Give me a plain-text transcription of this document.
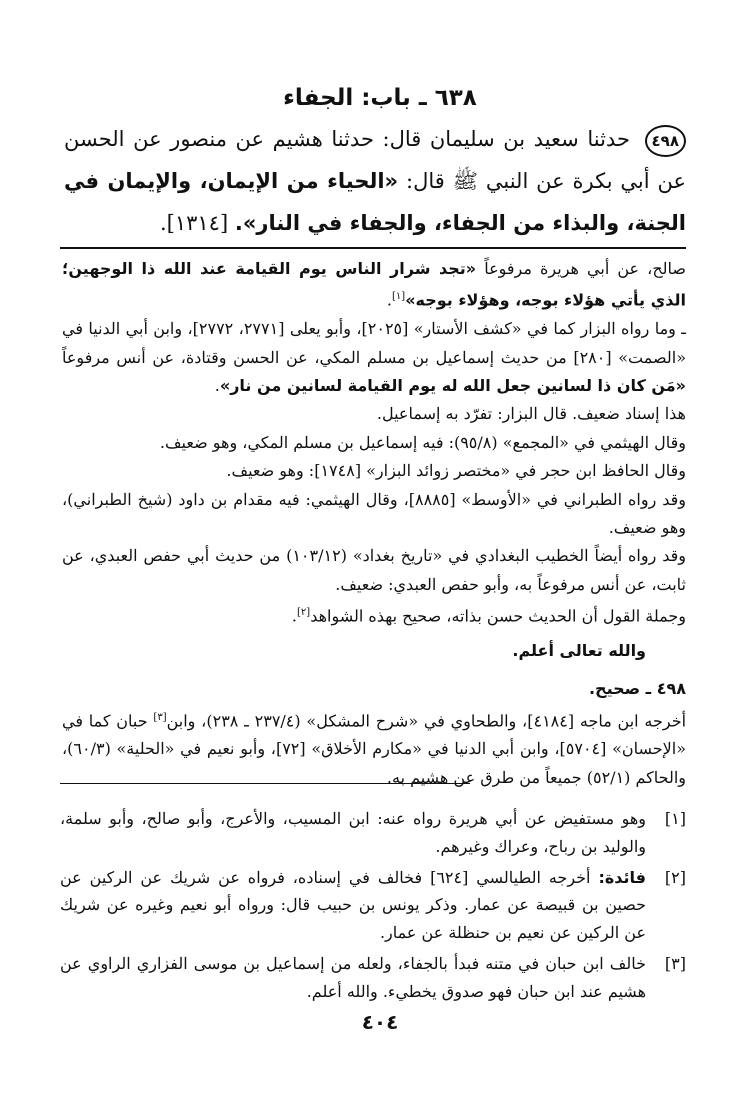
٦٣٨ ـ باب: الجفاء
٤٩٨ حدثنا سعيد بن سليمان قال: حدثنا هشيم عن منصور عن الحسن عن أبي بكرة عن النبي ﷺ قال: «الحياء من الإيمان، والإيمان في الجنة، والبذاء من الجفاء، والجفاء في النار». [١٣١٤].

صالح، عن أبي هريرة مرفوعاً «تجد شرار الناس يوم القيامة عند الله ذا الوجهين؛ الذي يأتي هؤلاء بوجه، وهؤلاء بوجه»[١].

ـ وما رواه البزار كما في «كشف الأستار» [٢٠٢٥]، وأبو يعلى [٢٧٧١، ٢٧٧٢]، وابن أبي الدنيا في «الصمت» [٢٨٠] من حديث إسماعيل بن مسلم المكي، عن الحسن وقتادة، عن أنس مرفوعاً «مَن كان ذا لسانين جعل الله له يوم القيامة لسانين من نار».

هذا إسناد ضعيف. قال البزار: تفرّد به إسماعيل.

وقال الهيثمي في «المجمع» (٩٥/٨): فيه إسماعيل بن مسلم المكي، وهو ضعيف.

وقال الحافظ ابن حجر في «مختصر زوائد البزار» [١٧٤٨]: وهو ضعيف.

وقد رواه الطبراني في «الأوسط» [٨٨٨٥]، وقال الهيثمي: فيه مقدام بن داود (شيخ الطبراني)، وهو ضعيف.

وقد رواه أيضاً الخطيب البغدادي في «تاريخ بغداد» (١٠٣/١٢) من حديث أبي حفص العبدي، عن ثابت، عن أنس مرفوعاً به، وأبو حفص العبدي: ضعيف.

وجملة القول أن الحديث حسن بذاته، صحيح بهذه الشواهد[٢].

والله تعالى أعلم.

٤٩٨ ـ صحيح.

أخرجه ابن ماجه [٤١٨٤]، والطحاوي في «شرح المشكل» (٢٣٧/٤ ـ ٢٣٨)، وابن[٣] حبان كما في «الإحسان» [٥٧٠٤]، وابن أبي الدنيا في «مكارم الأخلاق» [٧٢]، وأبو نعيم في «الحلية» (٦٠/٣)، والحاكم (٥٢/١) جميعاً من طرق عن هشيم به.

[١]
وهو مستفيض عن أبي هريرة رواه عنه: ابن المسيب، والأعرج، وأبو صالح، وأبو سلمة، والوليد بن رباح، وعراك وغيرهم.
[٢]
فائدة: أخرجه الطيالسي [٦٢٤] فخالف في إسناده، فرواه عن شريك عن الركين عن حصين بن قبيصة عن عمار. وذكر يونس بن حبيب قال: ورواه أبو نعيم وغيره عن شريك عن الركين عن نعيم بن حنظلة عن عمار.
[٣]
خالف ابن حبان في متنه فبدأ بالجفاء، ولعله من إسماعيل بن موسى الفزاري الراوي عن هشيم عند ابن حبان فهو صدوق يخطيء. والله أعلم.
٤٠٤
